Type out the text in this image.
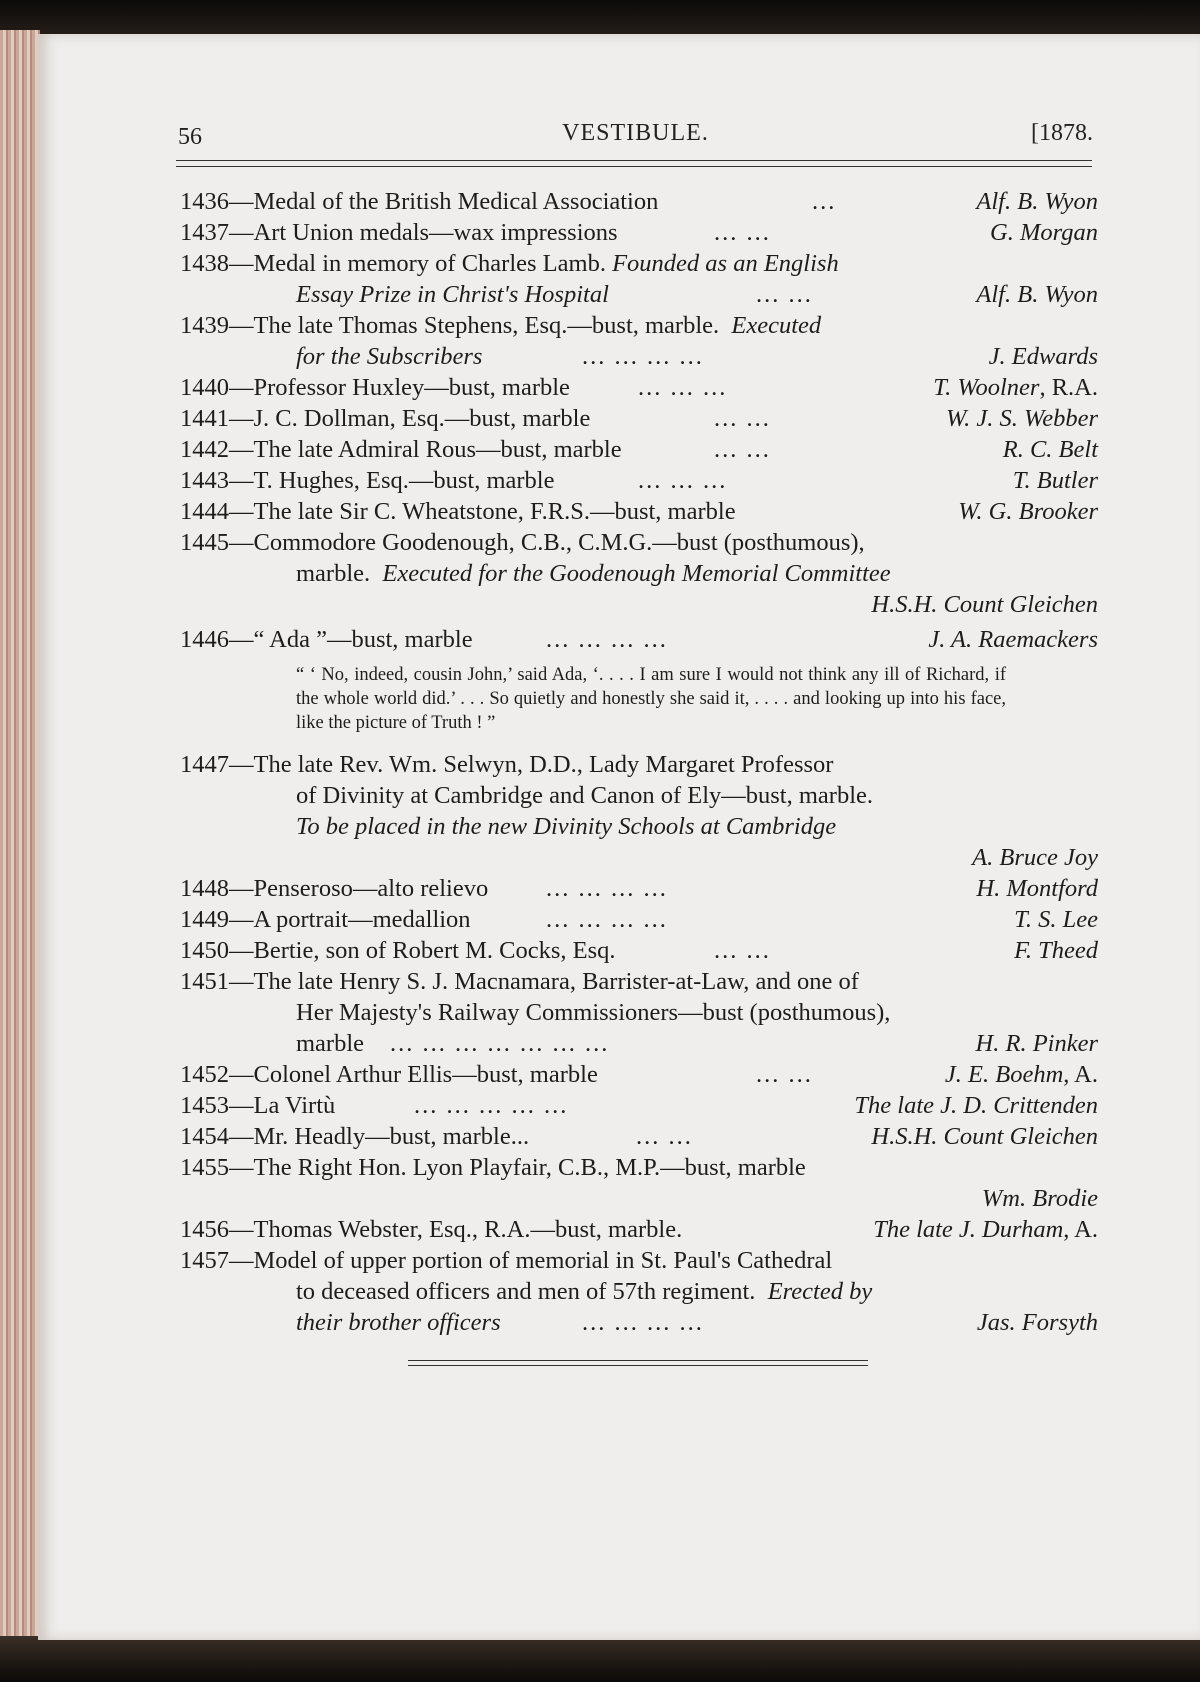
56	VESTIBULE.	[1878.
1436—Medal of the British Medical Association	...	Alf. B. Wyon
1437—Art Union medals—wax impressions	... ...	G. Morgan
1438—Medal in memory of Charles Lamb. Founded as an English
Essay Prize in Christ's Hospital	... ...	Alf. B. Wyon
1439—The late Thomas Stephens, Esq.—bust, marble. Executed
for the Subscribers	... ... ... ...	J. Edwards
1440—Professor Huxley—bust, marble	... ... ...	T. Woolner, R.A.
1441—J. C. Dollman, Esq.—bust, marble	... ...	W. J. S. Webber
1442—The late Admiral Rous—bust, marble	... ...	R. C. Belt
1443—T. Hughes, Esq.—bust, marble	... ... ...	T. Butler
1444—The late Sir C. Wheatstone, F.R.S.—bust, marble	W. G. Brooker
1445—Commodore Goodenough, C.B., C.M.G.—bust (posthumous),
marble. Executed for the Goodenough Memorial Committee
H.S.H. Count Gleichen
1446—“ Ada ”—bust, marble	... ... ... ...	J. A. Raemackers
“ ‘ No, indeed, cousin John,’ said Ada, ‘. . . . I am sure I would not think any ill of Richard, if the whole world did.’ . . . So quietly and honestly she said it, . . . . and looking up into his face, like the picture of Truth ! ”
1447—The late Rev. Wm. Selwyn, D.D., Lady Margaret Professor
of Divinity at Cambridge and Canon of Ely—bust, marble.
To be placed in the new Divinity Schools at Cambridge
A. Bruce Joy
1448—Penseroso—alto relievo ... ... ... ...	H. Montford
1449—A portrait—medallion	... ... ... ...	T. S. Lee
1450—Bertie, son of Robert M. Cocks, Esq.	... ...	F. Theed
1451—The late Henry S. J. Macnamara, Barrister-at-Law, and one of
Her Majesty's Railway Commissioners—bust (posthumous),
marble ... ... ... ... ... ... ...	H. R. Pinker
1452—Colonel Arthur Ellis—bust, marble	... ...	J. E. Boehm, A.
1453—La Virtù	... ... ... ... ...	The late J. D. Crittenden
1454—Mr. Headly—bust, marble...	... ...	H.S.H. Count Gleichen
1455—The Right Hon. Lyon Playfair, C.B., M.P.—bust, marble
Wm. Brodie
1456—Thomas Webster, Esq., R.A.—bust, marble.	The late J. Durham, A.
1457—Model of upper portion of memorial in St. Paul's Cathedral
to deceased officers and men of 57th regiment. Erected by
their brother officers	... ... ... ...	Jas. Forsyth
